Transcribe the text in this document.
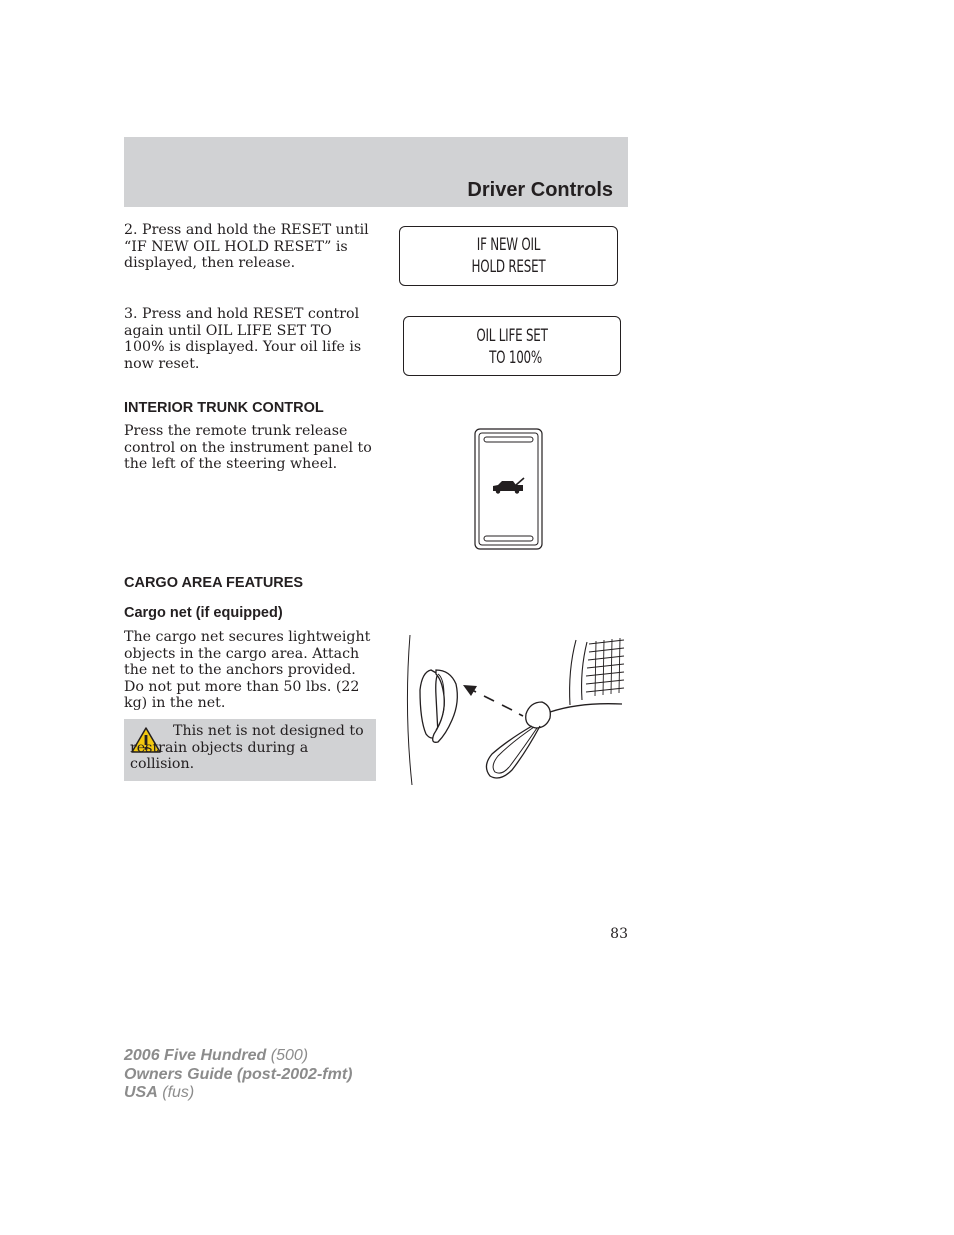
Driver Controls
2. Press and hold the RESET until “IF NEW OIL HOLD RESET” is displayed, then release.
IF NEW OIL
HOLD RESET
3. Press and hold RESET control again until OIL LIFE SET TO 100% is displayed. Your oil life is now reset.
OIL LIFE SET
TO 100%
INTERIOR TRUNK CONTROL
Press the remote trunk release control on the instrument panel to the left of the steering wheel.
CARGO AREA FEATURES
Cargo net (if equipped)
The cargo net secures lightweight objects in the cargo area. Attach the net to the anchors provided. Do not put more than 50 lbs. (22 kg) in the net.
This net is not designed to restrain objects during a collision.
83
2006 Five Hundred (500)
Owners Guide (post-2002-fmt)
USA (fus)
